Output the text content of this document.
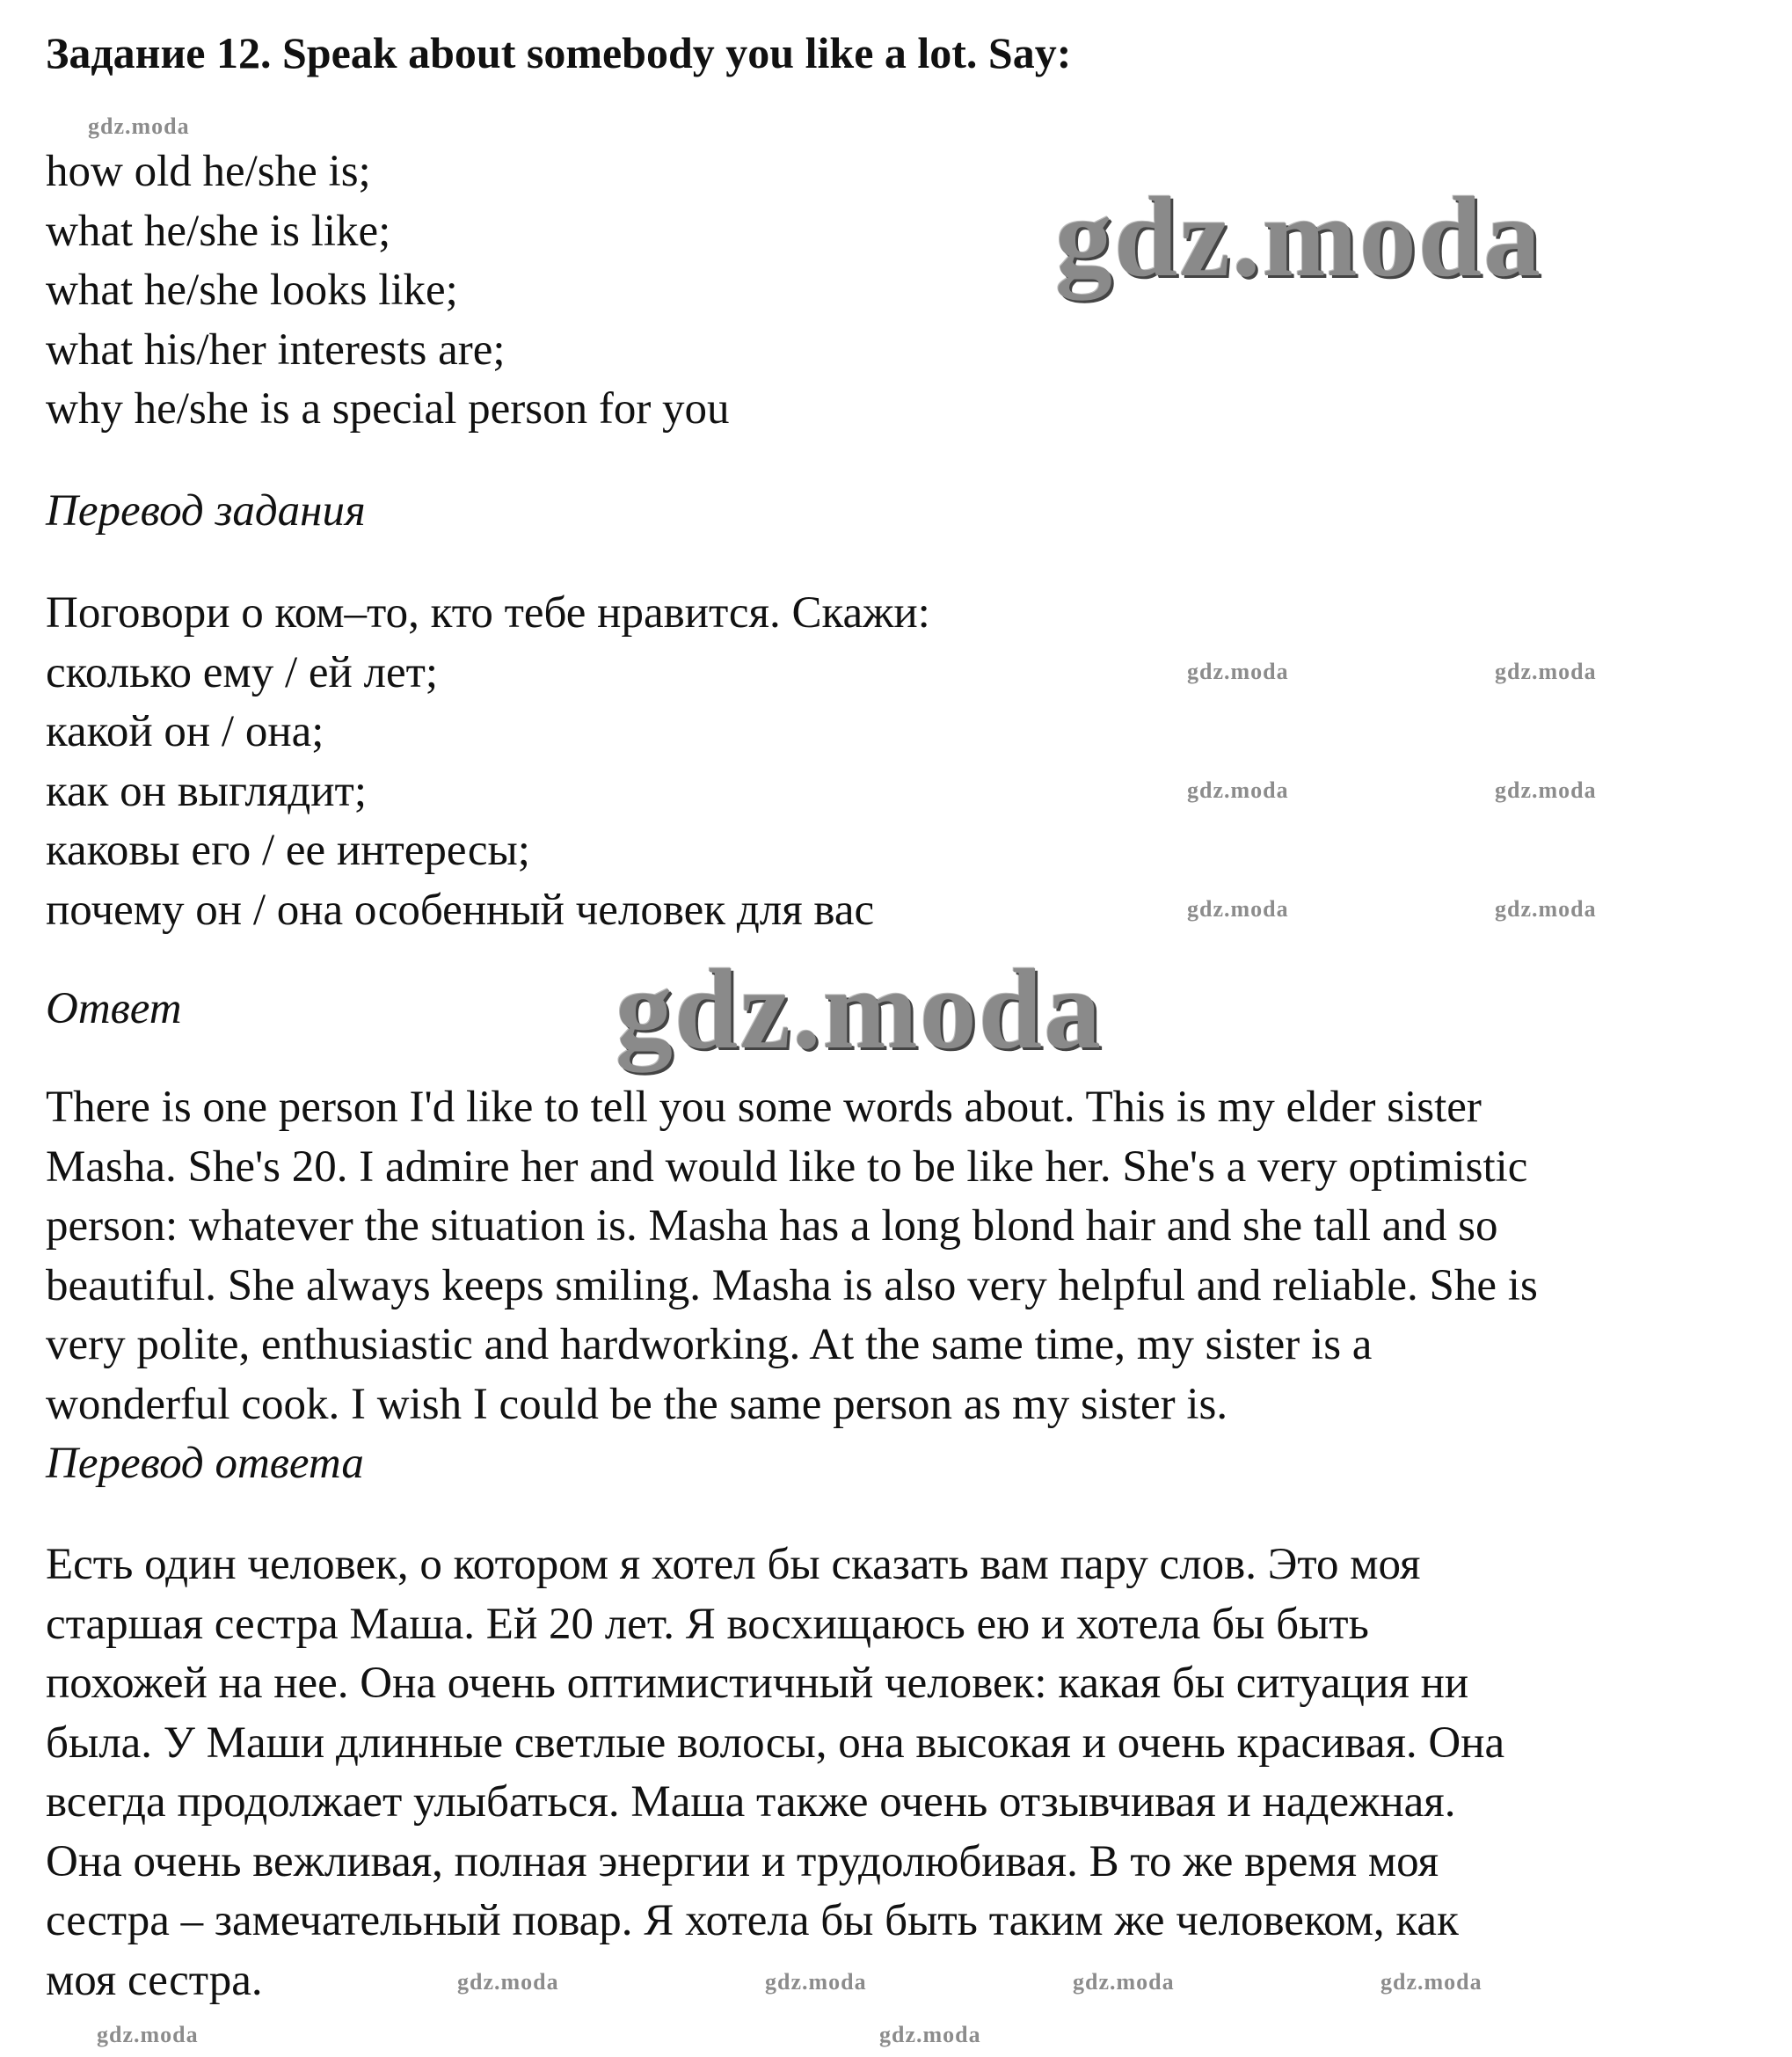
Задание 12. Speak about somebody you like a lot. Say:
how old he/she is;
what he/she is like;
what he/she looks like;
what his/her interests are;
why he/she is a special person for you
Перевод задания
Поговори о ком–то, кто тебе нравится. Скажи:
сколько ему / ей лет;
какой он / она;
как он выглядит;
каковы его / ее интересы;
почему он / она особенный человек для вас
Ответ
There is one person I'd like to tell you some words about. This is my elder sister
Masha. She's 20. I admire her and would like to be like her. She's a very optimistic
person: whatever the situation is. Masha has a long blond hair and she tall and so
beautiful. She always keeps smiling. Masha is also very helpful and reliable. She is
very polite, enthusiastic and hardworking. At the same time, my sister is a
wonderful cook. I wish I could be the same person as my sister is.
Перевод ответа
Есть один человек, о котором я хотел бы сказать вам пару слов. Это моя
старшая сестра Маша. Ей 20 лет. Я восхищаюсь ею и хотела бы быть
похожей на нее. Она очень оптимистичный человек: какая бы ситуация ни
была. У Маши длинные светлые волосы, она высокая и очень красивая. Она
всегда продолжает улыбаться. Маша также очень отзывчивая и надежная.
Она очень вежливая, полная энергии и трудолюбивая. В то же время моя
сестра – замечательный повар. Я хотела бы быть таким же человеком, как
моя сестра.
gdz.moda
gdz.moda
gdz.moda
gdz.moda	gdz.moda
gdz.moda	gdz.moda
gdz.moda	gdz.moda
gdz.moda	gdz.moda	gdz.moda	gdz.moda
gdz.moda	gdz.moda
